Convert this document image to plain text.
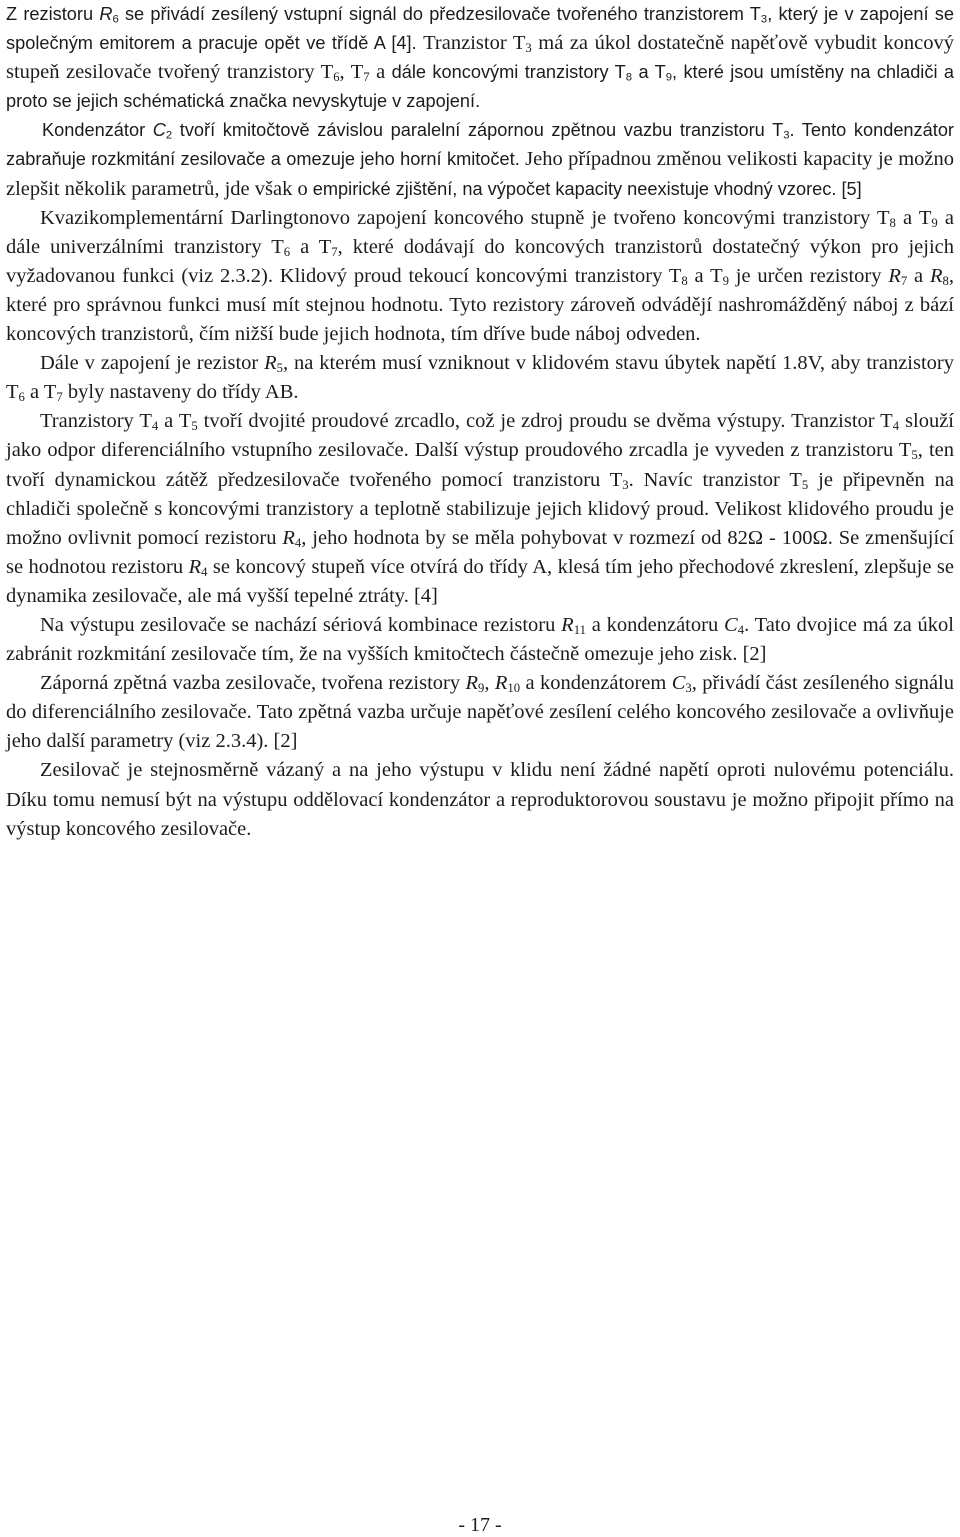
Z rezistoru $R_6$ se přivádí zesílený vstupní signál do předzesilovače tvořeného tranzistorem $T_3$, který je v zapojení se společným emitorem a pracuje opět ve třídě A [4]. Tranzistor $T_3$ má za úkol dostatečně napěťově vybudit koncový stupeň zesilovače tvořený tranzistory $T_6$, $T_7$ a dále koncovými tranzistory $T_8$ a $T_9$, které jsou umístěny na chladiči a proto se jejich schématická značka nevyskytuje v zapojení.

Kondenzátor $C_2$ tvoří kmitočtově závislou paralelní zápornou zpětnou vazbu tranzistoru $T_3$. Tento kondenzátor zabraňuje rozkmitání zesilovače a omezuje jeho horní kmitočet. Jeho případnou změnou velikosti kapacity je možno zlepšit několik parametrů, jde však o empirické zjištění, na výpočet kapacity neexistuje vhodný vzorec. [5]

Kvazikomplementární Darlingtonovo zapojení koncového stupně je tvořeno koncovými tranzistory $T_8$ a $T_9$ a dále univerzálními tranzistory $T_6$ a $T_7$, které dodávají do koncových tranzistorů dostatečný výkon pro jejich vyžadovanou funkci (viz 2.3.2). Klidový proud tekoucí koncovými tranzistory $T_8$ a $T_9$ je určen rezistory $R_7$ a $R_8$, které pro správnou funkci musí mít stejnou hodnotu. Tyto rezistory zároveň odvádějí nashromážděný náboj z bází koncových tranzistorů, čím nižší bude jejich hodnota, tím dříve bude náboj odveden.

Dále v zapojení je rezistor $R_5$, na kterém musí vzniknout v klidovém stavu úbytek napětí 1.8V, aby tranzistory $T_6$ a $T_7$ byly nastaveny do třídy AB.

Tranzistory $T_4$ a $T_5$ tvoří dvojité proudové zrcadlo, což je zdroj proudu se dvěma výstupy. Tranzistor $T_4$ slouží jako odpor diferenciálního vstupního zesilovače. Další výstup proudového zrcadla je vyveden z tranzistoru $T_5$, ten tvoří dynamickou zátěž předzesilovače tvořeného pomocí tranzistoru $T_3$. Navíc tranzistor $T_5$ je připevněn na chladiči společně s koncovými tranzistory a teplotně stabilizuje jejich klidový proud. Velikost klidového proudu je možno ovlivnit pomocí rezistoru $R_4$, jeho hodnota by se měla pohybovat v rozmezí od 82Ω - 100Ω. Se zmenšující se hodnotou rezistoru $R_4$ se koncový stupeň více otvírá do třídy A, klesá tím jeho přechodové zkreslení, zlepšuje se dynamika zesilovače, ale má vyšší tepelné ztráty. [4]

Na výstupu zesilovače se nachází sériová kombinace rezistoru $R_{11}$ a kondenzátoru $C_4$. Tato dvojice má za úkol zabránit rozkmitání zesilovače tím, že na vyšších kmitočtech částečně omezuje jeho zisk. [2]

Záporná zpětná vazba zesilovače, tvořena rezistory $R_9$, $R_{10}$ a kondenzátorem $C_3$, přivádí část zesíleného signálu do diferenciálního zesilovače. Tato zpětná vazba určuje napěťové zesílení celého koncového zesilovače a ovlivňuje jeho další parametry (viz 2.3.4). [2]

Zesilovač je stejnosměrně vázaný a na jeho výstupu v klidu není žádné napětí oproti nulovému potenciálu. Díku tomu nemusí být na výstupu oddělovací kondenzátor a reproduktorovou soustavu je možno připojit přímo na výstup koncového zesilovače.

- 17 -
